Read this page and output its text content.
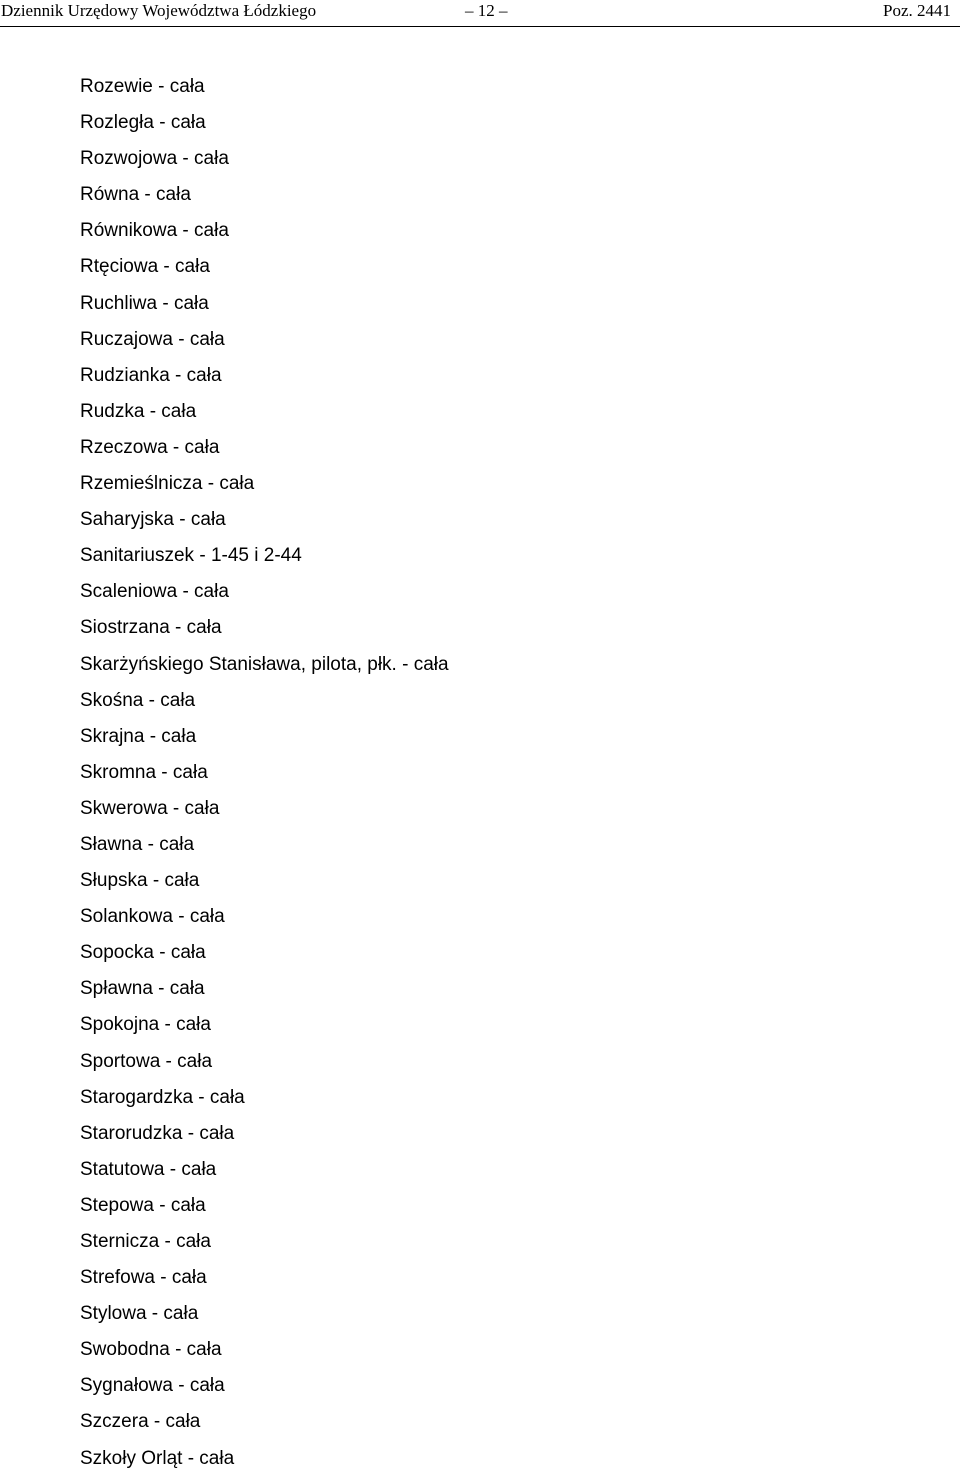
Dziennik Urzędowy Województwa Łódzkiego	– 12 –	Poz. 2441
Rozewie - cała
Rozległa - cała
Rozwojowa - cała
Równa - cała
Równikowa - cała
Rtęciowa - cała
Ruchliwa - cała
Ruczajowa - cała
Rudzianka - cała
Rudzka - cała
Rzeczowa - cała
Rzemieślnicza - cała
Saharyjska - cała
Sanitariuszek - 1-45 i 2-44
Scaleniowa - cała
Siostrzana - cała
Skarżyńskiego Stanisława, pilota, płk. - cała
Skośna - cała
Skrajna - cała
Skromna - cała
Skwerowa - cała
Sławna - cała
Słupska - cała
Solankowa - cała
Sopocka - cała
Spławna - cała
Spokojna - cała
Sportowa - cała
Starogardzka - cała
Starorudzka - cała
Statutowa - cała
Stepowa - cała
Sternicza - cała
Strefowa - cała
Stylowa - cała
Swobodna - cała
Sygnałowa - cała
Szczera - cała
Szkoły Orląt - cała
